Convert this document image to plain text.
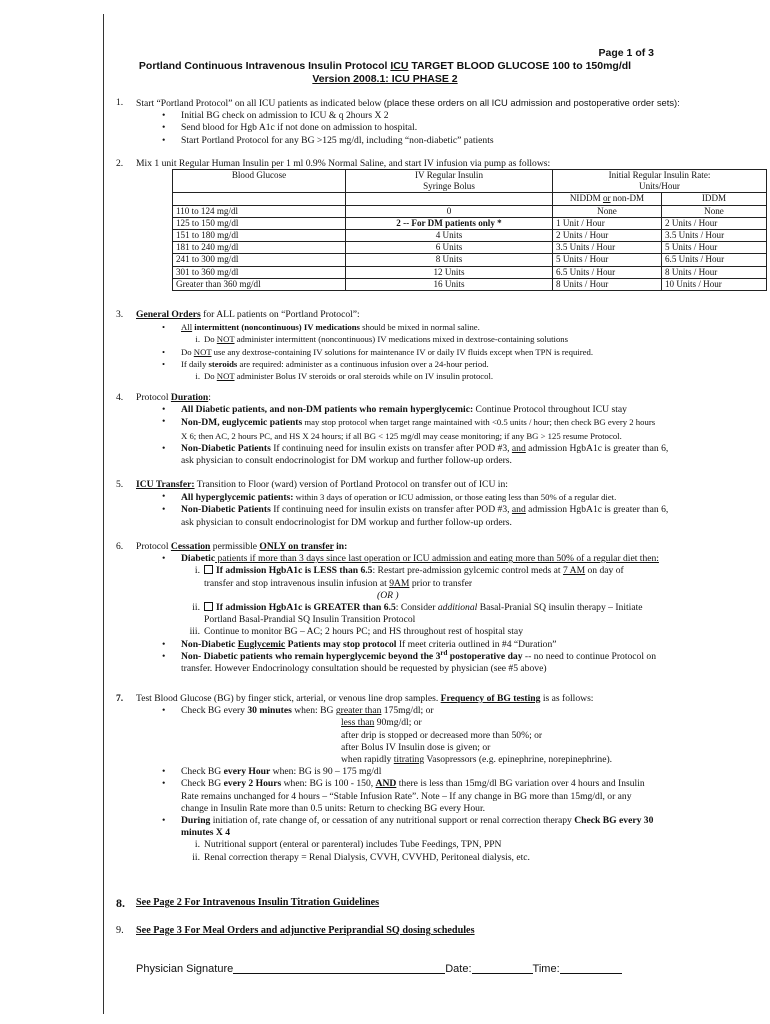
Page 1 of 3
Portland Continuous Intravenous Insulin Protocol ICU TARGET BLOOD GLUCOSE 100 to 150mg/dl
Version 2008.1: ICU PHASE 2
1.	Start “Portland Protocol” on all ICU patients as indicated below (place these orders on all ICU admission and postoperative order sets):
• Initial BG check on admission to ICU & q 2hours X 2
• Send blood for Hgb A1c if not done on admission to hospital.
• Start Portland Protocol for any BG >125 mg/dl, including “non-diabetic” patients
2.	Mix 1 unit Regular Human Insulin per 1 ml 0.9% Normal Saline, and start IV infusion via pump as follows:
Blood Glucose	IV Regular Insulin
Syringe Bolus	Initial Regular Insulin Rate:
Units/Hour	

		NIDDM or non-DM	IDDM
110 to 124 mg/dl	0	None	None
125 to 150 mg/dl	2 -- For DM patients only *	1 Unit / Hour	2 Units / Hour
151 to 180 mg/dl	4 Units	2 Units / Hour	3.5 Units / Hour
181 to 240 mg/dl	6 Units	3.5 Units / Hour	5 Units / Hour
241 to 300 mg/dl	8 Units	5 Units / Hour	6.5 Units / Hour
301 to 360 mg/dl	12 Units	6.5 Units / Hour	8 Units / Hour
Greater than 360 mg/dl	16 Units	8 Units / Hour	10 Units / Hour
3.	General Orders for ALL patients on “Portland Protocol”:
• All intermittent (noncontinuous) IV medications should be mixed in normal saline.
i. Do NOT administer intermittent (noncontinuous) IV medications mixed in dextrose-containing solutions
• Do NOT use any dextrose-containing IV solutions for maintenance IV or daily IV fluids except when TPN is required.
• If daily steroids are required: administer as a continuous infusion over a 24-hour period.
i. Do NOT administer Bolus IV steroids or oral steroids while on IV insulin protocol.
4.	Protocol Duration:
• All Diabetic patients, and non-DM patients who remain hyperglycemic: Continue Protocol throughout ICU stay
• Non-DM, euglycemic patients may stop protocol when target range maintained with <0.5 units / hour; then check BG every 2 hours
X 6; then AC, 2 hours PC, and HS X 24 hours; if all BG < 125 mg/dl may cease monitoring; if any BG > 125 resume Protocol.
• Non-Diabetic Patients If continuing need for insulin exists on transfer after POD #3, and admission HgbA1c is greater than 6,
ask physician to consult endocrinologist for DM workup and further follow-up orders.
5.	ICU Transfer: Transition to Floor (ward) version of Portland Protocol on transfer out of ICU in:
• All hyperglycemic patients: within 3 days of operation or ICU admission, or those eating less than 50% of a regular diet.
• Non-Diabetic Patients If continuing need for insulin exists on transfer after POD #3, and admission HgbA1c is greater than 6,
ask physician to consult endocrinologist for DM workup and further follow-up orders.
6.	Protocol Cessation permissible ONLY on transfer in:
• Diabetic patients if more than 3 days since last operation or ICU admission and eating more than 50% of a regular diet then:
i. If admission HgbA1c is LESS than 6.5: Restart pre-admission gylcemic control meds at 7 AM on day of
transfer and stop intravenous insulin infusion at 9AM prior to transfer
(OR )
ii. If admission HgbA1c is GREATER than 6.5: Consider additional Basal-Pranial SQ insulin therapy – Initiate
Portland Basal-Prandial SQ Insulin Transition Protocol
iii. Continue to monitor BG – AC; 2 hours PC; and HS throughout rest of hospital stay
• Non-Diabetic Euglycemic Patients may stop protocol If meet criteria outlined in #4 “Duration”
• Non- Diabetic patients who remain hyperglycemic beyond the 3rd postoperative day -- no need to continue Protocol on
transfer. However Endocrinology consultation should be requested by physician (see #5 above)
7.	Test Blood Glucose (BG) by finger stick, arterial, or venous line drop samples. Frequency of BG testing is as follows:
• Check BG every 30 minutes when: BG greater than 175mg/dl; or
less than 90mg/dl; or
after drip is stopped or decreased more than 50%; or
after Bolus IV Insulin dose is given; or
when rapidly titrating Vasopressors (e.g. epinephrine, norepinephrine).
• Check BG every Hour when: BG is 90 – 175 mg/dl
• Check BG every 2 Hours when: BG is 100 - 150, AND there is less than 15mg/dl BG variation over 4 hours and Insulin
Rate remains unchanged for 4 hours – “Stable Infusion Rate”. Note – If any change in BG more than 15mg/dl, or any
change in Insulin Rate more than 0.5 units: Return to checking BG every Hour.
• During initiation of, rate change of, or cessation of any nutritional support or renal correction therapy Check BG every 30
minutes X 4
i. Nutritional support (enteral or parenteral) includes Tube Feedings, TPN, PPN
ii. Renal correction therapy = Renal Dialysis, CVVH, CVVHD, Peritoneal dialysis, etc.
8.	See Page 2 For Intravenous Insulin Titration Guidelines
9.	See Page 3 For Meal Orders and adjunctive Periprandial SQ dosing schedules
Physician Signature	Date:	Time:
